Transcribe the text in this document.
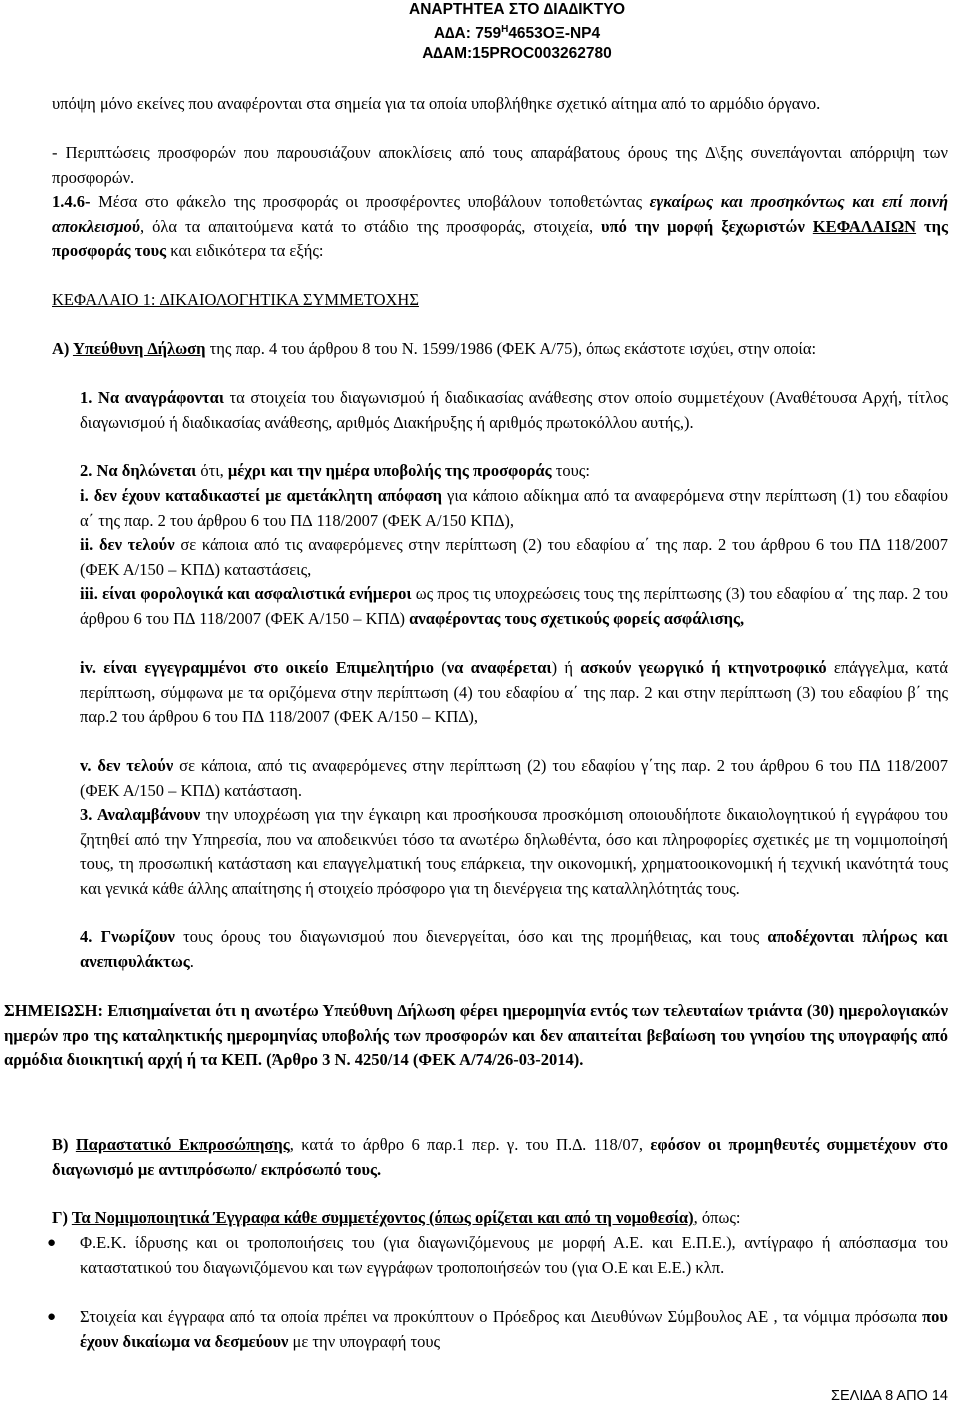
ΑΝΑΡΤΗΤΕΑ ΣΤΟ ∆ΙΑ∆ΙΚΤΥΟ
Α∆Α: $759^H4653O\Xi-NP4$
Α∆ΑΜ:15PROC003262780

υπόψη μόνο εκείνες που αναφέρονται στα σημεία για τα οποία υποβλήθηκε σχετικό αίτημα από το αρμόδιο όργανο.

- Περιπτώσεις προσφορών που παρουσιάζουν αποκλίσεις από τους απαράβατους όρους της ∆\ξης συνεπάγονται απόρριψη των προσφορών.

1.4.6- Μέσα στο φάκελο της προσφοράς οι προσφέροντες υποβάλουν τοποθετώντας εγκαίρως και προσηκόντως και επί ποινή αποκλεισμού, όλα τα απαιτούμενα κατά το στάδιο της προσφοράς, στοιχεία, υπό την μορφή ξεχωριστών ΚΕΦΑΛΑΙΩΝ της προσφοράς τους και ειδικότερα τα εξής:

ΚΕΦΑΛΑΙΟ 1: ∆ΙΚΑΙΟΛΟΓΗΤΙΚΑ ΣΥΜΜΕΤΟΧΗΣ

Α) Υπεύθυνη ∆ήλωση της παρ. 4 του άρθρου 8 του Ν. 1599/1986 (ΦΕΚ Α/75), όπως εκάστοτε ισχύει, στην οποία:

1. Να αναγράφονται τα στοιχεία του διαγωνισμού ή διαδικασίας ανάθεσης στον οποίο συμμετέχουν (Αναθέτουσα Αρχή, τίτλος διαγωνισμού ή διαδικασίας ανάθεσης, αριθμός ∆ιακήρυξης ή αριθμός πρωτοκόλλου αυτής,).

2. Να δηλώνεται ότι, μέχρι και την ημέρα υποβολής της προσφοράς τους:

i. δεν έχουν καταδικαστεί με αμετάκλητη απόφαση για κάποιο αδίκημα από τα αναφερόμενα στην περίπτωση (1) του εδαφίου α΄ της παρ. 2 του άρθρου 6 του Π∆ 118/2007 (ΦΕΚ Α/150 ΚΠ∆),

ii. δεν τελούν σε κάποια από τις αναφερόμενες στην περίπτωση (2) του εδαφίου α΄ της παρ. 2 του άρθρου 6 του Π∆ 118/2007 (ΦΕΚ Α/150 – ΚΠ∆) καταστάσεις,

iii. είναι φορολογικά και ασφαλιστικά ενήμεροι ως προς τις υποχρεώσεις τους της περίπτωσης (3) του εδαφίου α΄ της παρ. 2 του άρθρου 6 του Π∆ 118/2007 (ΦΕΚ Α/150 – ΚΠ∆) αναφέροντας τους σχετικούς φορείς ασφάλισης,

iv. είναι εγγεγραμμένοι στο οικείο Επιμελητήριο (να αναφέρεται) ή ασκούν γεωργικό ή κτηνοτροφικό επάγγελμα, κατά περίπτωση, σύμφωνα με τα οριζόμενα στην περίπτωση (4) του εδαφίου α΄ της παρ. 2 και στην περίπτωση (3) του εδαφίου β΄ της παρ.2 του άρθρου 6 του Π∆ 118/2007 (ΦΕΚ Α/150 – ΚΠ∆),

v. δεν τελούν σε κάποια, από τις αναφερόμενες στην περίπτωση (2) του εδαφίου γ΄της παρ. 2 του άρθρου 6 του Π∆ 118/2007 (ΦΕΚ Α/150 – ΚΠ∆) κατάσταση.

3. Αναλαμβάνουν την υποχρέωση για την έγκαιρη και προσήκουσα προσκόμιση οποιουδήποτε δικαιολογητικού ή εγγράφου του ζητηθεί από την Υπηρεσία, που να αποδεικνύει τόσο τα ανωτέρω δηλωθέντα, όσο και πληροφορίες σχετικές με τη νομιμοποίησή τους, τη προσωπική κατάσταση και επαγγελματική τους επάρκεια, την οικονομική, χρηματοοικονομική ή τεχνική ικανότητά τους και γενικά κάθε άλλης απαίτησης ή στοιχείο πρόσφορο για τη διενέργεια της καταλληλότητάς τους.

4. Γνωρίζουν τους όρους του διαγωνισμού που διενεργείται, όσο και της προμήθειας, και τους αποδέχονται πλήρως και ανεπιφυλάκτως.

ΣΗΜΕΙΩΣΗ: Επισημαίνεται ότι η ανωτέρω Υπεύθυνη ∆ήλωση φέρει ημερομηνία εντός των τελευταίων τριάντα (30) ημερολογιακών ημερών προ της καταληκτικής ημερομηνίας υποβολής των προσφορών και δεν απαιτείται βεβαίωση του γνησίου της υπογραφής από αρμόδια διοικητική αρχή ή τα ΚΕΠ. (Άρθρο 3 Ν. 4250/14 (ΦΕΚ Α/74/26-03-2014).

Β) Παραστατικό Εκπροσώπησης, κατά το άρθρο 6 παρ.1 περ. γ. του Π.∆. 118/07, εφόσον οι προμηθευτές συμμετέχουν στο διαγωνισμό με αντιπρόσωπο/ εκπρόσωπό τους.

Γ) Τα Νομιμοποιητικά Έγγραφα κάθε συμμετέχοντος (όπως ορίζεται και από τη νομοθεσία), όπως:

● Φ.Ε.Κ. ίδρυσης και οι τροποποιήσεις του (για διαγωνιζόμενους με μορφή Α.Ε. και Ε.Π.Ε.), αντίγραφο ή απόσπασμα του καταστατικού του διαγωνιζόμενου και των εγγράφων τροποποιήσεών του (για Ο.Ε και Ε.Ε.) κλπ.
● Στοιχεία και έγγραφα από τα οποία πρέπει να προκύπτουν ο Πρόεδρος και ∆ιευθύνων Σύμβουλος ΑΕ , τα νόμιμα πρόσωπα που έχουν δικαίωμα να δεσμεύουν με την υπογραφή τους
ΣΕΛΙ∆Α 8 ΑΠΟ 14
